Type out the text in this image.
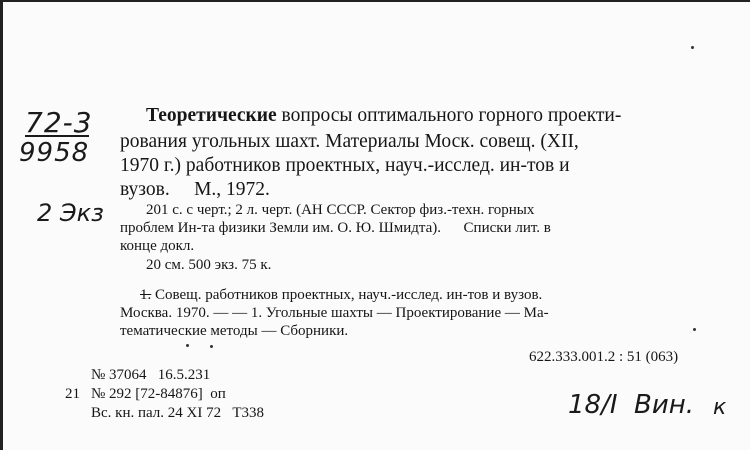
72-3
9958
2 Экз
Теоретические вопросы оптимального горного проекти-
рования угольных шахт. Материалы Моск. совещ. (XII,
1970 г.) работников проектных, науч.-исслед. ин-тов и
вузов.     М., 1972.
201 с. с черт.; 2 л. черт. (АН СССР. Сектор физ.-техн. горных
проблем Ин-та физики Земли им. О. Ю. Шмидта).      Списки лит. в
конце докл.
20 см. 500 экз. 75 к.
1. Совещ. работников проектных, науч.-исслед. ин-тов и вузов.
Москва. 1970. — — 1. Угольные шахты — Проектирование — Ма-
тематические методы — Сборники.
622.333.001.2 : 51 (063)
№ 37064   16.5.231
21 № 292 [72-84876]  оп
Вс. кн. пал. 24 XI 72   Т338	18/I  Вин. к
